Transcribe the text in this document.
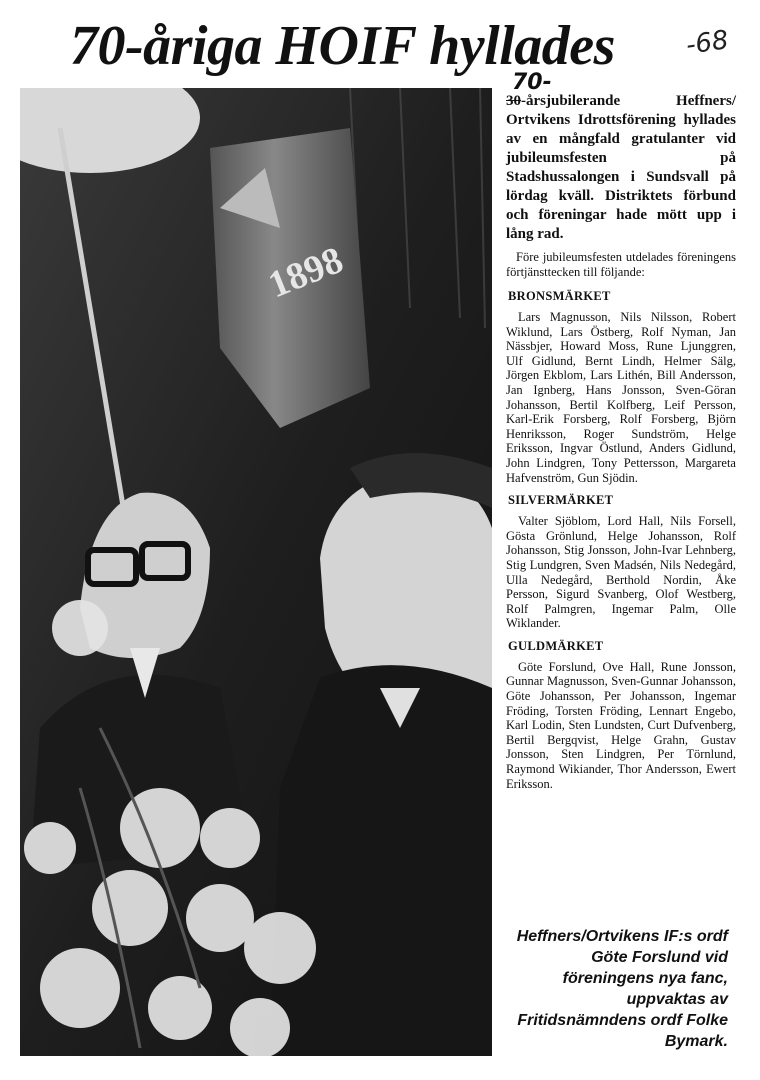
70-åriga HOIF hyllades	-68
1898
70-

30-årsjubilerande Heffners/ Ortvikens Idrottsförening hyllades av en mångfald gratulanter vid jubileumsfesten på Stadshussalongen i Sundsvall på lördag kväll. Distriktets förbund och föreningar hade mött upp i lång rad.

Före jubileumsfesten utdelades föreningens förtjänsttecken till följande:

BRONSMÄRKET

Lars Magnusson, Nils Nilsson, Robert Wiklund, Lars Östberg, Rolf Nyman, Jan Nässbjer, Howard Moss, Rune Ljunggren, Ulf Gidlund, Bernt Lindh, Helmer Sälg, Jörgen Ekblom, Lars Lithén, Bill Andersson, Jan Ignberg, Hans Jonsson, Sven-Göran Johansson, Bertil Kolfberg, Leif Persson, Karl-Erik Forsberg, Rolf Forsberg, Björn Henriksson, Roger Sundström, Helge Eriksson, Ingvar Östlund, Anders Gidlund, John Lindgren, Tony Pettersson, Margareta Hafvenström, Gun Sjödin.

SILVERMÄRKET

Valter Sjöblom, Lord Hall, Nils Forsell, Gösta Grönlund, Helge Johansson, Rolf Johansson, Stig Jonsson, John-Ivar Lehnberg, Stig Lundgren, Sven Madsén, Nils Nedegård, Ulla Nedegård, Berthold Nordin, Åke Persson, Sigurd Svanberg, Olof Westberg, Rolf Palmgren, Ingemar Palm, Olle Wiklander.

GULDMÄRKET

Göte Forslund, Ove Hall, Rune Jonsson, Gunnar Magnusson, Sven-Gunnar Johansson, Göte Johansson, Per Johansson, Ingemar Fröding, Torsten Fröding, Lennart Engebo, Karl Lodin, Sten Lundsten, Curt Dufvenberg, Bertil Bergqvist, Helge Grahn, Gustav Jonsson, Sten Lindgren, Per Törnlund, Raymond Wikiander, Thor Andersson, Ewert Eriksson.

Heffners/Ortvikens IF:s ordf Göte Forslund vid föreningens nya fanc, uppvaktas av Fritidsnämndens ordf Folke Bymark.
